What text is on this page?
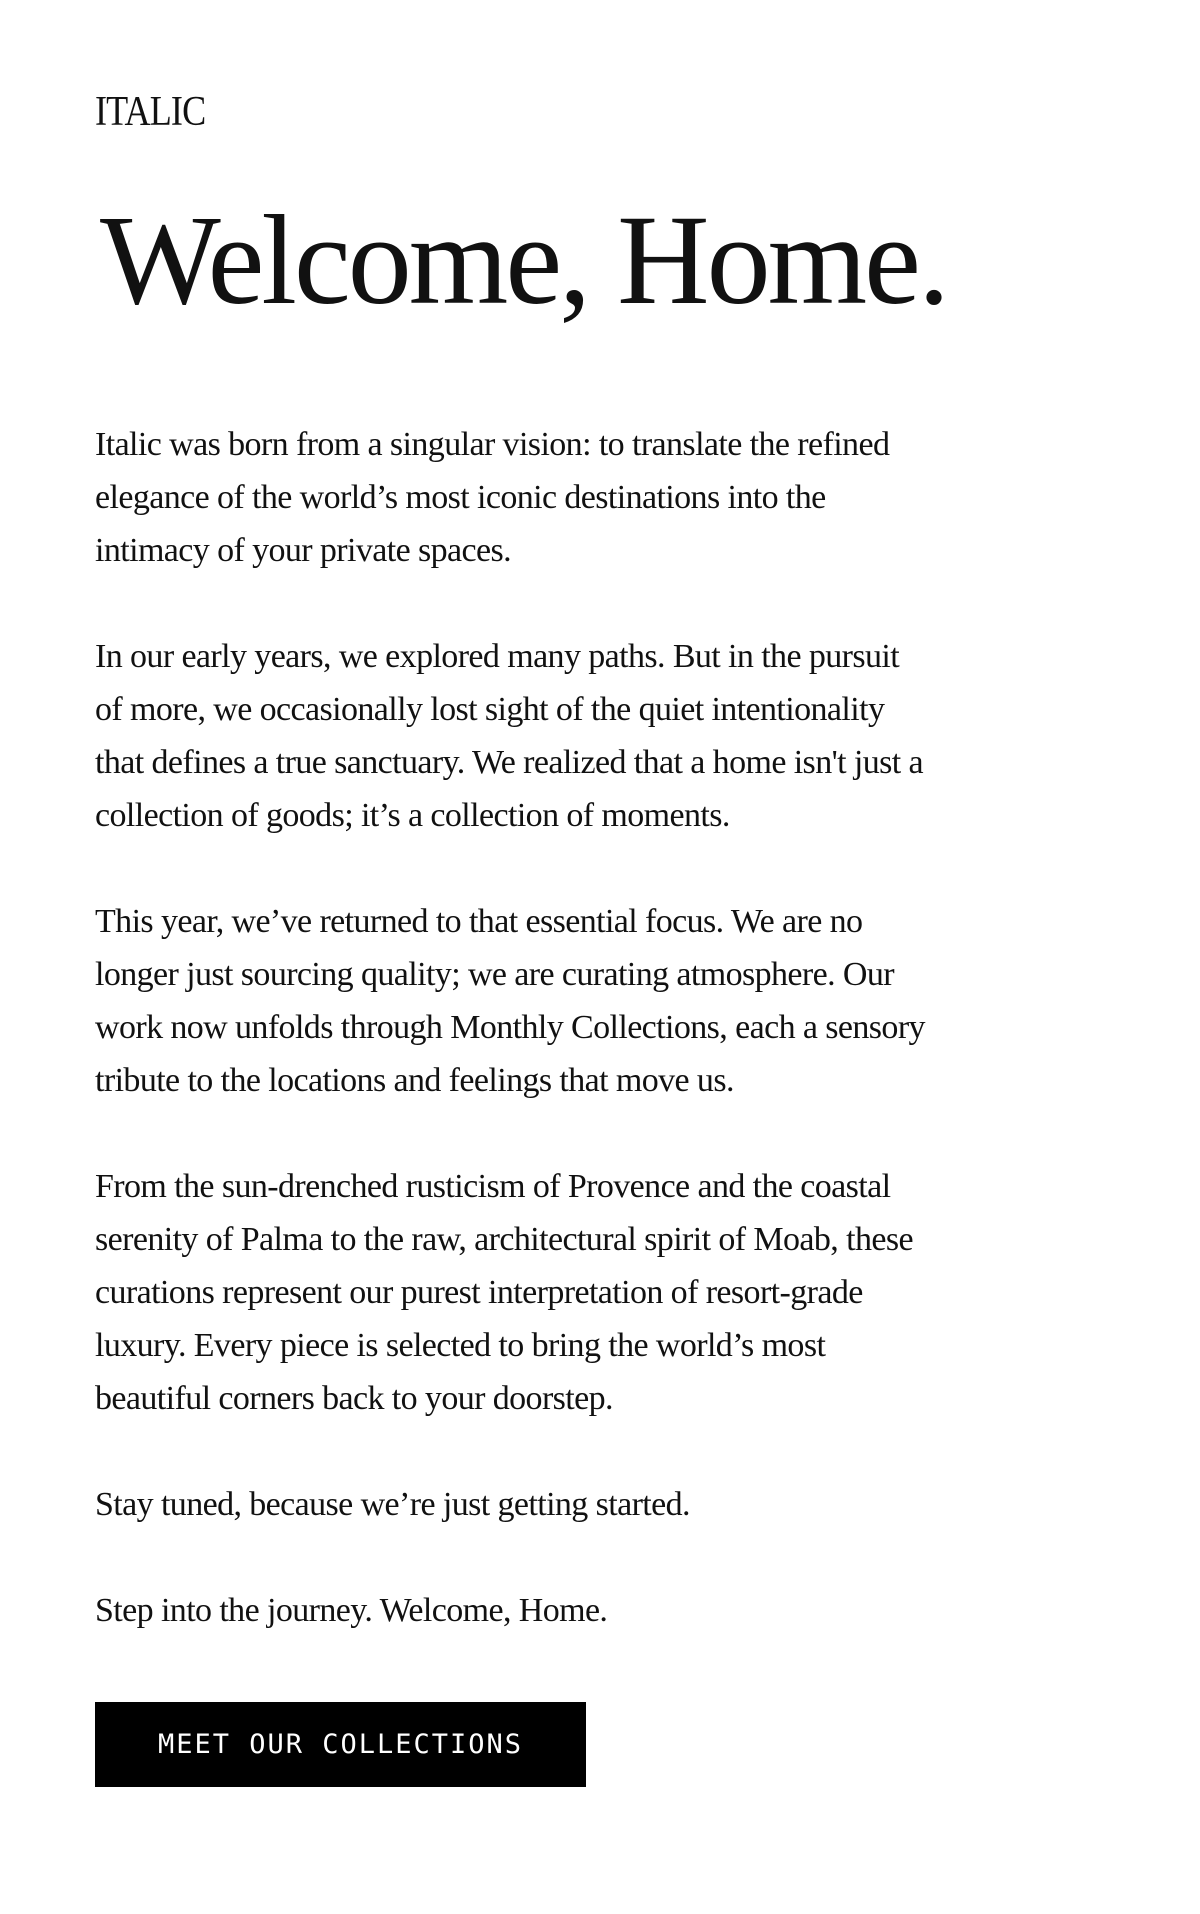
ITALIC
Welcome, Home.

Italic was born from a singular vision: to translate the refined
elegance of the world’s most iconic destinations into the
intimacy of your private spaces.

In our early years, we explored many paths. But in the pursuit
of more, we occasionally lost sight of the quiet intentionality
that defines a true sanctuary. We realized that a home isn't just a
collection of goods; it’s a collection of moments.

This year, we’ve returned to that essential focus. We are no
longer just sourcing quality; we are curating atmosphere. Our
work now unfolds through Monthly Collections, each a sensory
tribute to the locations and feelings that move us.

From the sun-drenched rusticism of Provence and the coastal
serenity of Palma to the raw, architectural spirit of Moab, these
curations represent our purest interpretation of resort-grade
luxury. Every piece is selected to bring the world’s most
beautiful corners back to your doorstep.

Stay tuned, because we’re just getting started.

Step into the journey. Welcome, Home.

MEET OUR COLLECTIONS
